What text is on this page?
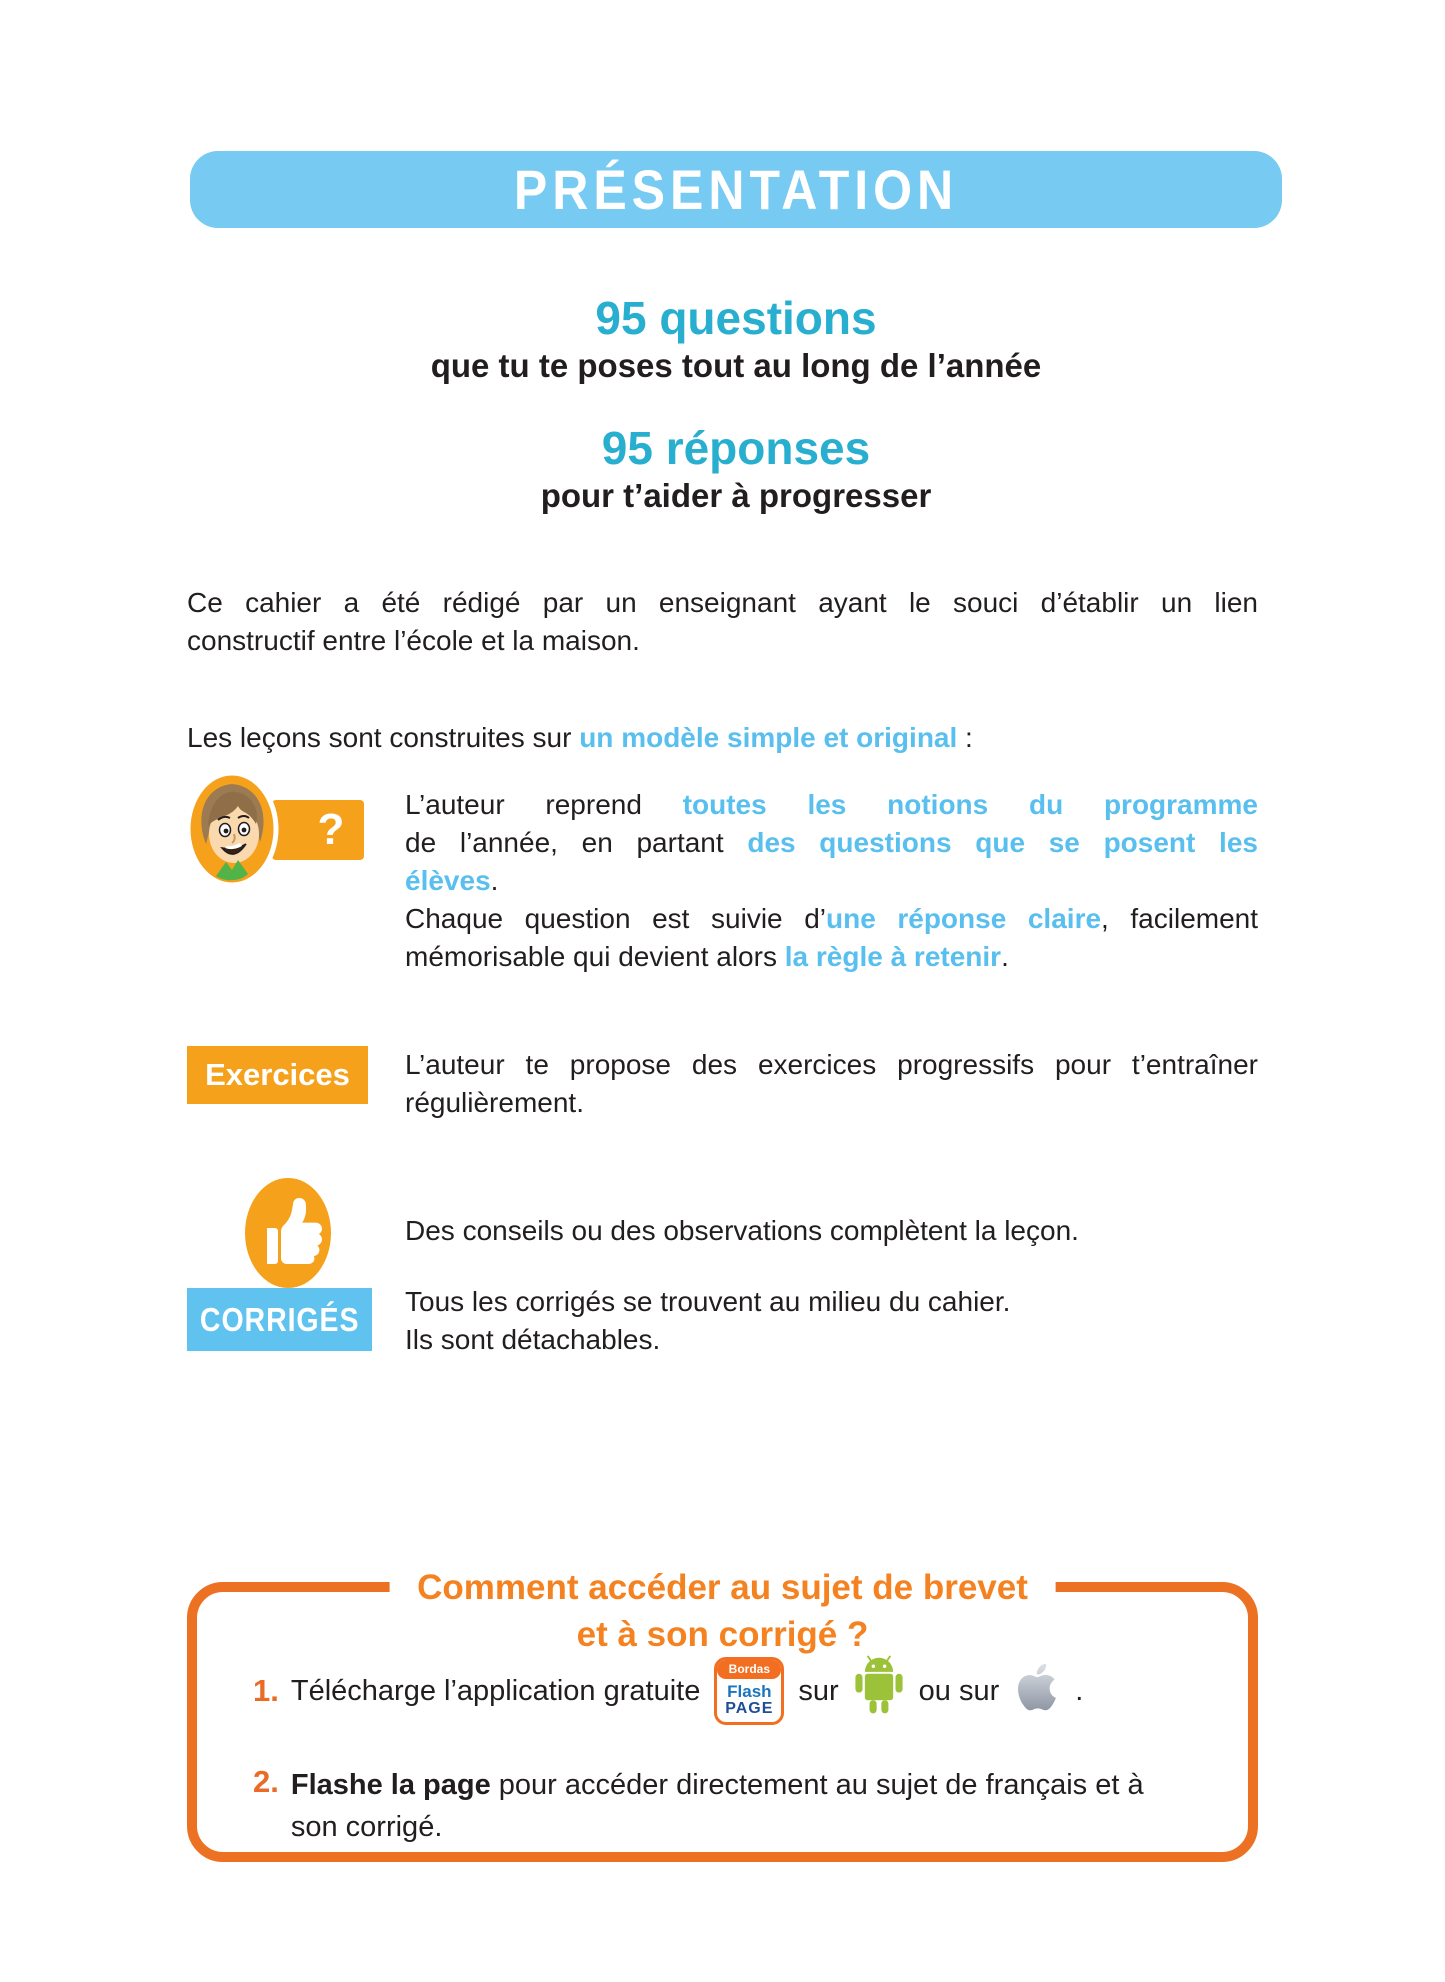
PRÉSENTATION
95 questions
que tu te poses tout au long de l’année
95 réponses
pour t’aider à progresser
Ce cahier a été rédigé par un enseignant ayant le souci d’établir un lien
constructif entre l’école et la maison.
Les leçons sont construites sur un modèle simple et original :
?
L’auteur reprend toutes les notions du programme
de l’année, en partant des questions que se posent les
élèves.
Chaque question est suivie d’une réponse claire, facilement
mémorisable qui devient alors la règle à retenir.
Exercices L’auteur te propose des exercices progressifs pour t’entraîner
régulièrement.
Des conseils ou des observations complètent la leçon.
CORRIGÉS Tous les corrigés se trouvent au milieu du cahier.
Ils sont détachables.
Comment accéder au sujet de brevet
et à son corrigé ?
1. Télécharge l’application gratuite
Bordas
Flash
PAGE
sur	ou sur	.
2. Flashe la page pour accéder directement au sujet de français et à
son corrigé.
